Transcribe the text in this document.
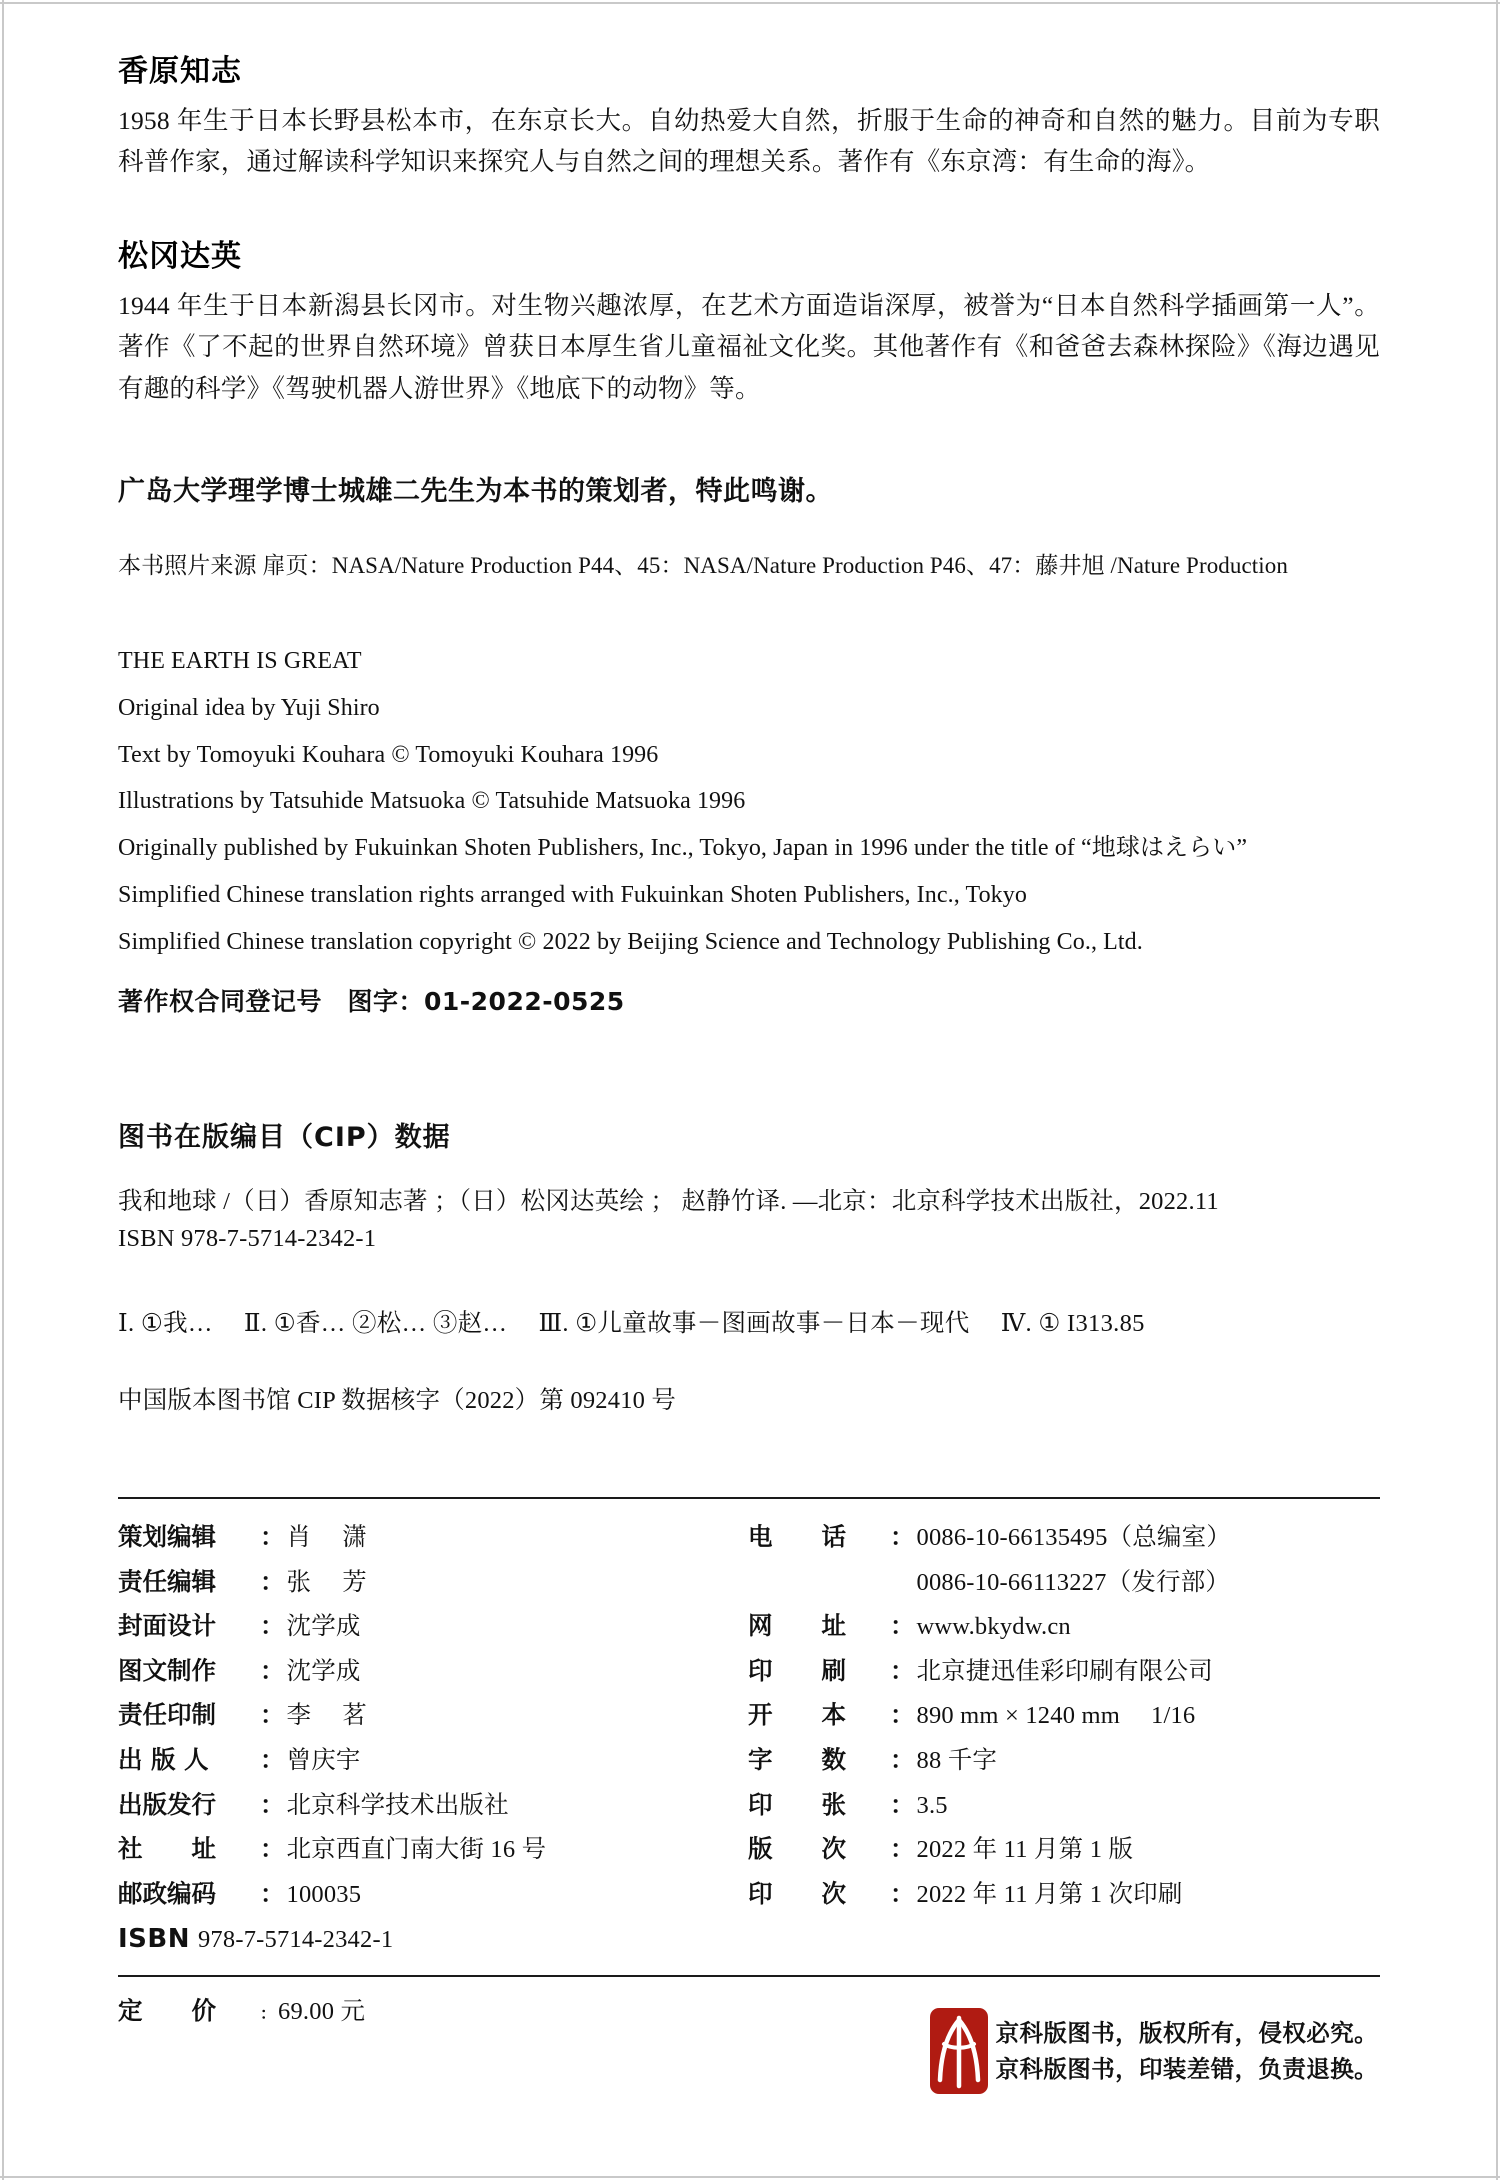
香原知志

1958 年生于日本长野县松本市，在东京长大。自幼热爱大自然，折服于生命的神奇和自然的魅力。目前为专职科普作家，通过解读科学知识来探究人与自然之间的理想关系。著作有《东京湾：有生命的海》。

松冈达英

1944 年生于日本新潟县长冈市。对生物兴趣浓厚，在艺术方面造诣深厚，被誉为“日本自然科学插画第一人”。著作《了不起的世界自然环境》曾获日本厚生省儿童福祉文化奖。其他著作有《和爸爸去森林探险》《海边遇见有趣的科学》《驾驶机器人游世界》《地底下的动物》等。

广岛大学理学博士城雄二先生为本书的策划者，特此鸣谢。

本书照片来源 扉页：NASA/Nature Production P44、45：NASA/Nature Production P46、47：藤井旭 /Nature Production

THE EARTH IS GREAT

Original idea by Yuji Shiro

Text by Tomoyuki Kouhara © Tomoyuki Kouhara 1996

Illustrations by Tatsuhide Matsuoka © Tatsuhide Matsuoka 1996

Originally published by Fukuinkan Shoten Publishers, Inc., Tokyo, Japan in 1996 under the title of “地球はえらい”

Simplified Chinese translation rights arranged with Fukuinkan Shoten Publishers, Inc., Tokyo

Simplified Chinese translation copyright © 2022 by Beijing Science and Technology Publishing Co., Ltd.

著作权合同登记号　图字：01-2022-0525

图书在版编目（CIP）数据

我和地球 /（日）香原知志著 ；（日）松冈达英绘 ； 赵静竹译. —北京：北京科学技术出版社，2022.11

ISBN 978-7-5714-2342-1

Ⅰ. ①我… 　Ⅱ. ①香… ②松… ③赵… 　Ⅲ. ①儿童故事－图画故事－日本－现代 　Ⅳ. ① I313.85

中国版本图书馆 CIP 数据核字（2022）第 092410 号

策划编辑	： 肖　 潇
责任编辑	： 张　 芳
封面设计	： 沈学成
图文制作	： 沈学成
责任印制	： 李　 茗
出 版 人	： 曾庆宇
出版发行	： 北京科学技术出版社
社　　址	： 北京西直门南大街 16 号
邮政编码	： 100035
ISBN 978-7-5714-2342-1
电　　话	： 0086-10-66135495（总编室）
0086-10-66113227（发行部）
网　　址	： www.bkydw.cn
印　　刷	： 北京捷迅佳彩印刷有限公司
开　　本	： 890 mm × 1240 mm　 1/16
字　　数	： 88 千字
印　　张	： 3.5
版　　次	： 2022 年 11 月第 1 版
印　　次	： 2022 年 11 月第 1 次印刷
定　　价	： 69.00 元
京科版图书，版权所有，侵权必究。
京科版图书，印装差错，负责退换。
